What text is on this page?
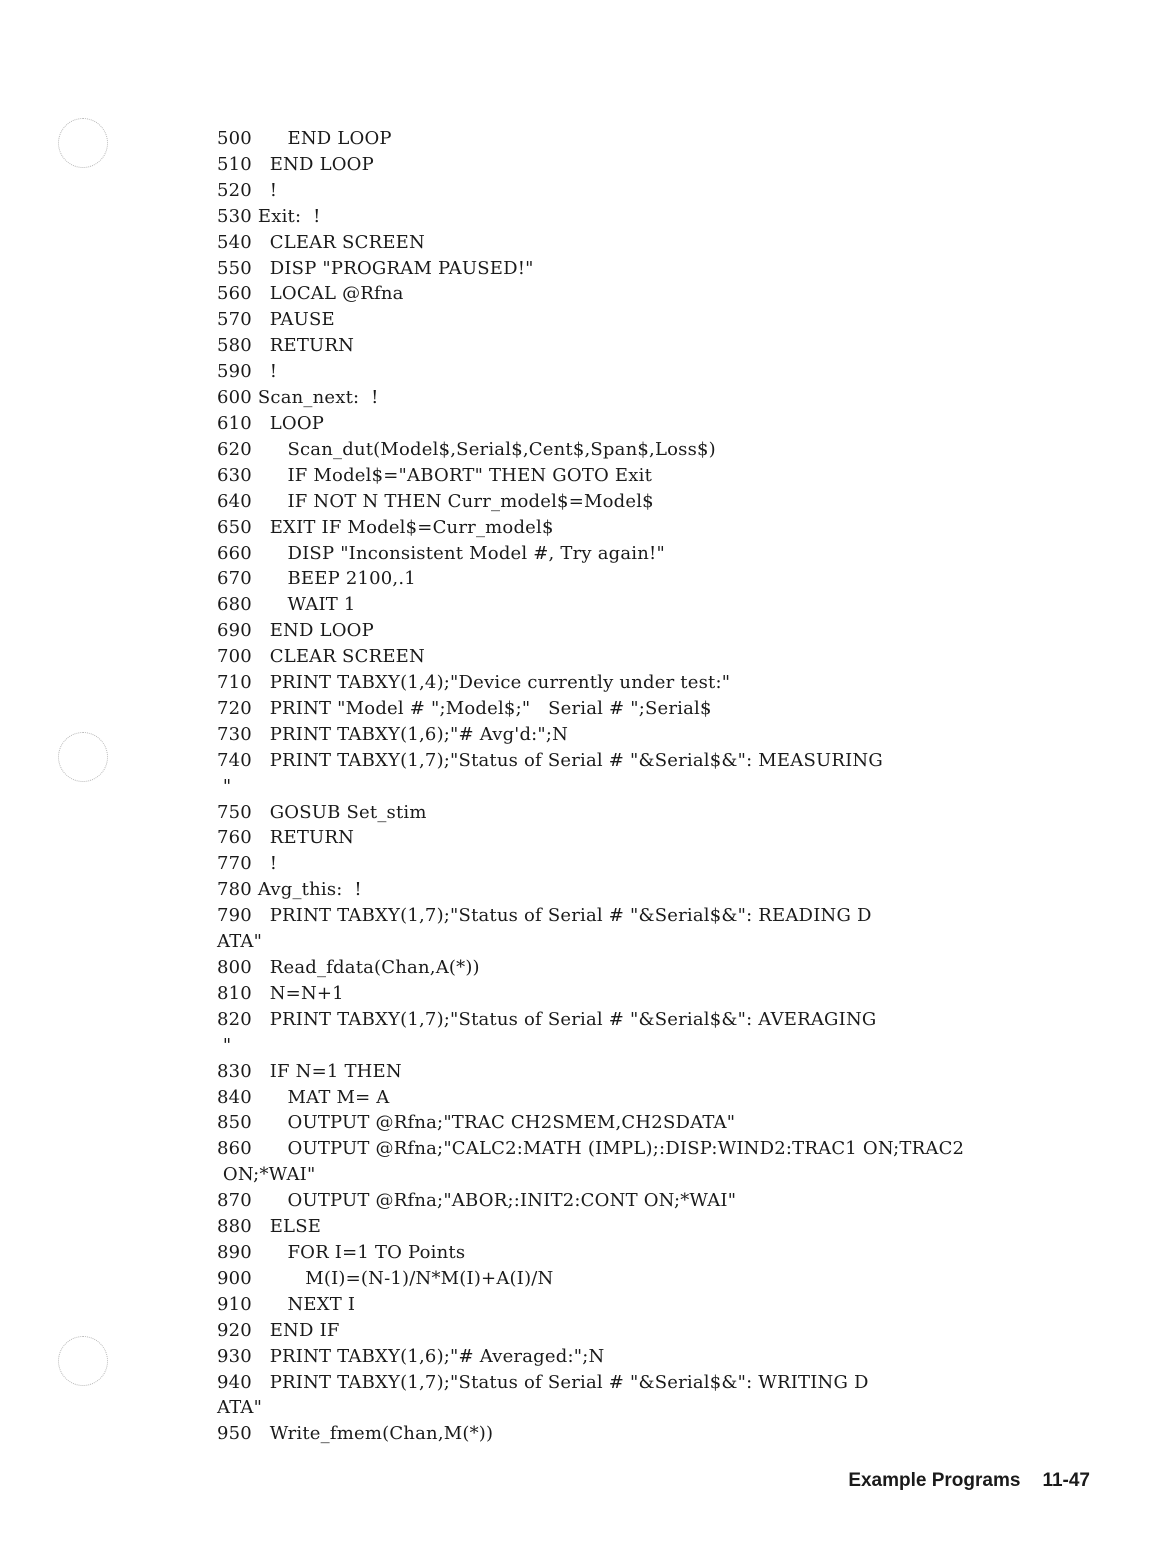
500      END LOOP
510   END LOOP
520   !
530 Exit:  !
540   CLEAR SCREEN
550   DISP "PROGRAM PAUSED!"
560   LOCAL @Rfna
570   PAUSE
580   RETURN
590   !
600 Scan_next:  !
610   LOOP
620      Scan_dut(Model$,Serial$,Cent$,Span$,Loss$)
630      IF Model$="ABORT" THEN GOTO Exit
640      IF NOT N THEN Curr_model$=Model$
650   EXIT IF Model$=Curr_model$
660      DISP "Inconsistent Model #, Try again!"
670      BEEP 2100,.1
680      WAIT 1
690   END LOOP
700   CLEAR SCREEN
710   PRINT TABXY(1,4);"Device currently under test:"
720   PRINT "Model # ";Model$;"   Serial # ";Serial$
730   PRINT TABXY(1,6);"# Avg'd:";N
740   PRINT TABXY(1,7);"Status of Serial # "&Serial$&": MEASURING
"
750   GOSUB Set_stim
760   RETURN
770   !
780 Avg_this:  !
790   PRINT TABXY(1,7);"Status of Serial # "&Serial$&": READING D
ATA"
800   Read_fdata(Chan,A(*))
810   N=N+1
820   PRINT TABXY(1,7);"Status of Serial # "&Serial$&": AVERAGING
"
830   IF N=1 THEN
840      MAT M= A
850      OUTPUT @Rfna;"TRAC CH2SMEM,CH2SDATA"
860      OUTPUT @Rfna;"CALC2:MATH (IMPL);:DISP:WIND2:TRAC1 ON;TRAC2
ON;*WAI"
870      OUTPUT @Rfna;"ABOR;:INIT2:CONT ON;*WAI"
880   ELSE
890      FOR I=1 TO Points
900         M(I)=(N-1)/N*M(I)+A(I)/N
910      NEXT I
920   END IF
930   PRINT TABXY(1,6);"# Averaged:";N
940   PRINT TABXY(1,7);"Status of Serial # "&Serial$&": WRITING D
ATA"
950   Write_fmem(Chan,M(*))
Example Programs 11-47
